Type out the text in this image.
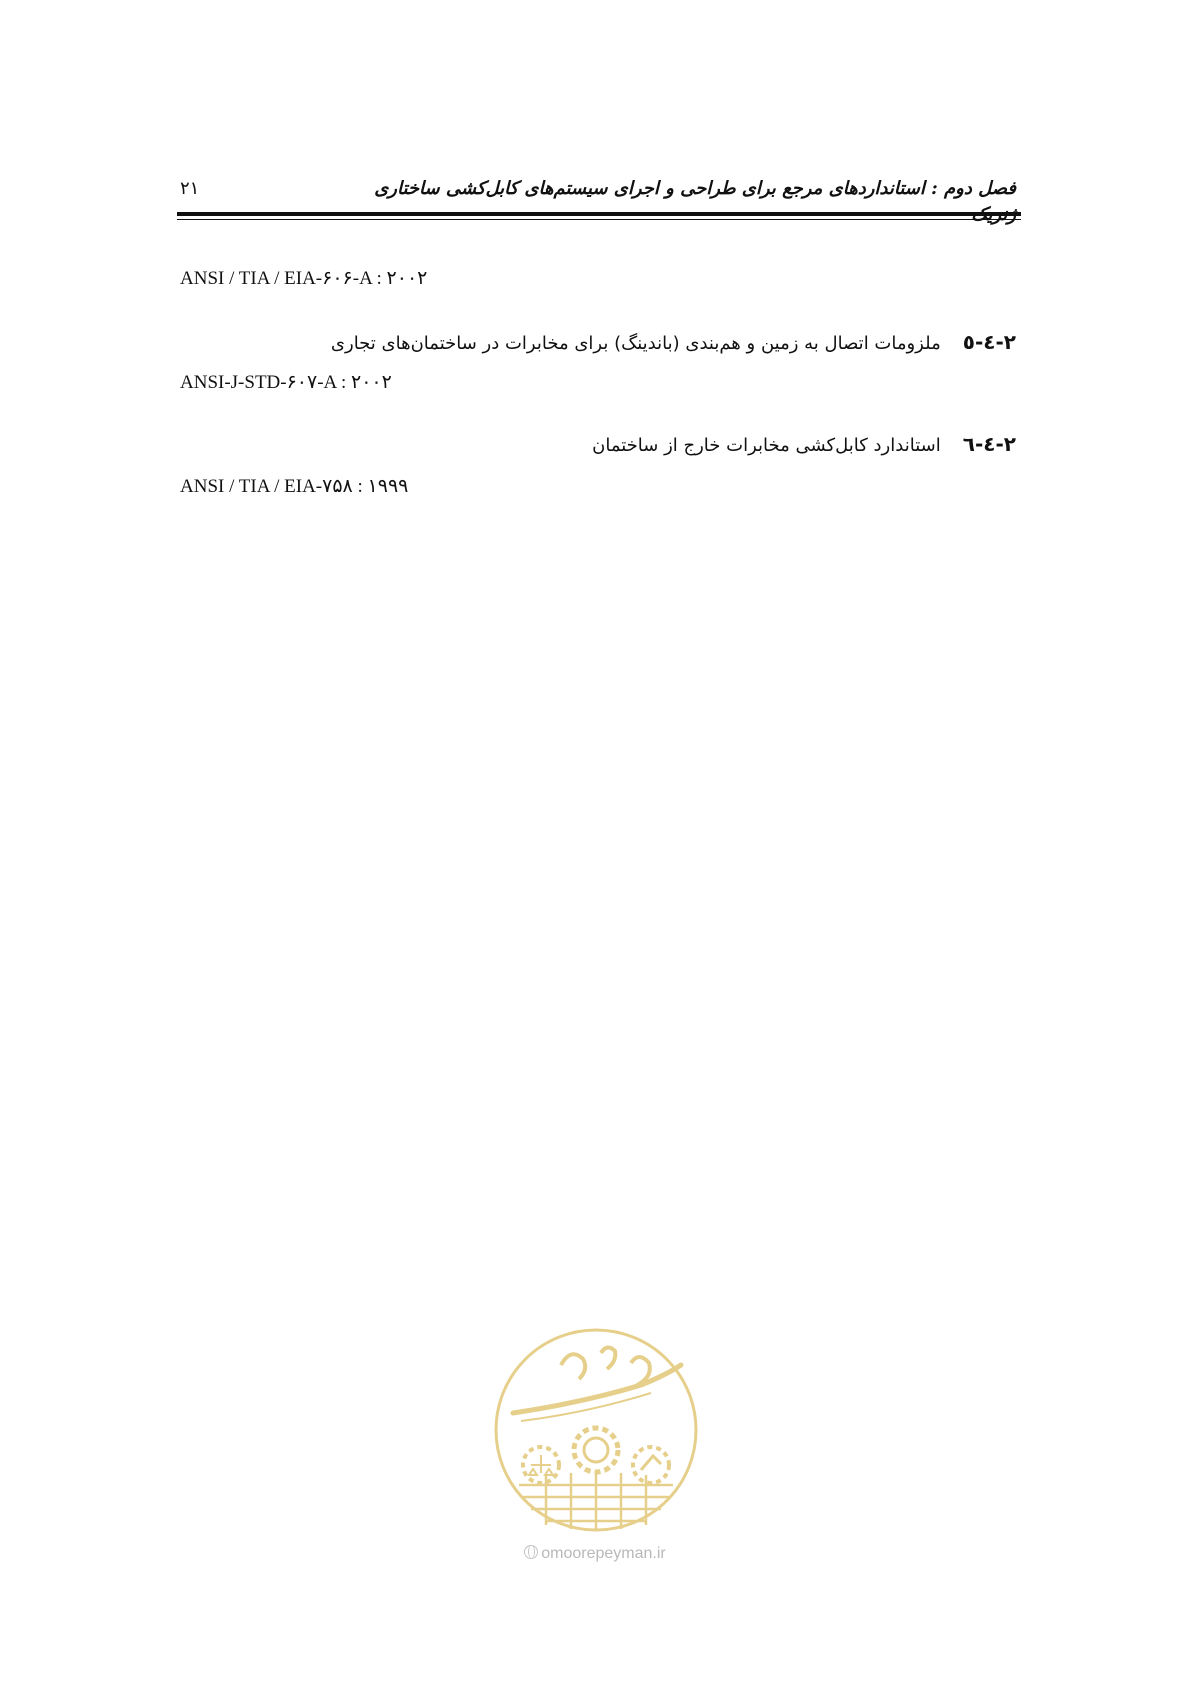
فصل دوم : استانداردهای مرجع برای طراحی و اجرای سیستم‌های کابل‌کشی ساختاری
۲۱
ANSI / TIA / EIA-۶۰۶-A : ۲۰۰۲
۲-٤-٥ملزومات اتصال به زمین و هم‌بندی (باندینگ) برای مخابرات در ساختمان‌های تجاری
ANSI-J-STD-۶۰۷-A : ۲۰۰۲
۲-٤-٦استاندارد کابل‌کشی مخابرات خارج از ساختمان
ANSI / TIA / EIA-۷۵۸ : ۱۹۹۹
omoorepeyman.ir
